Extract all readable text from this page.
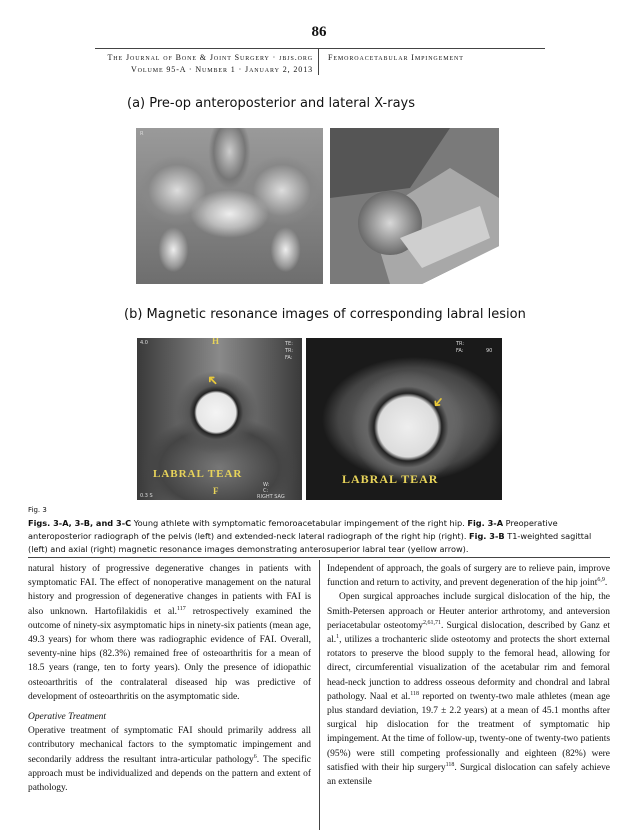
86
The Journal of Bone & Joint Surgery · jbjs.org
Volume 95-A · Number 1 · January 2, 2013
Femoroacetabular Impingement
(a) Pre-op anteroposterior and lateral X-rays
R
(b) Magnetic resonance images of corresponding labral lesion
4.0	H	TE:
TR:
FA:
➜
LABRAL TEAR
0.3 S	F
W:
C:
RIGHT SAG
TR:
FA:	90
➜
LABRAL TEAR
Fig. 3
Figs. 3-A, 3-B, and 3-C Young athlete with symptomatic femoroacetabular impingement of the right hip. Fig. 3-A Preoperative anteroposterior radiograph of the pelvis (left) and extended-neck lateral radiograph of the right hip (right). Fig. 3-B T1-weighted sagittal (left) and axial (right) magnetic resonance images demonstrating anterosuperior labral tear (yellow arrow).

natural history of progressive degenerative changes in patients with symptomatic FAI. The effect of nonoperative management on the natural history and progression of degenerative changes in patients with FAI is also unknown. Hartofilakidis et al.$^{117}$ retrospectively examined the outcome of ninety-six asymptomatic hips in ninety-six patients (mean age, 49.3 years) for whom there was radiographic evidence of FAI. Overall, seventy-nine hips (82.3%) remained free of osteoarthritis for a mean of 18.5 years (range, ten to forty years). Only the presence of idiopathic osteoarthritis of the contralateral diseased hip was predictive of development of osteoarthritis on the asymptomatic side.

Operative Treatment

Operative treatment of symptomatic FAI should primarily address all contributory mechanical factors to the symptomatic impingement and secondarily address the resultant intra-articular pathology$^6$. The specific approach must be individualized and depends on the pattern and extent of pathology.

Independent of approach, the goals of surgery are to relieve pain, improve function and return to activity, and prevent degeneration of the hip joint$^{6,9}$.

Open surgical approaches include surgical dislocation of the hip, the Smith-Petersen approach or Heuter anterior arthrotomy, and anteversion periacetabular osteotomy$^{2,61,71}$. Surgical dislocation, described by Ganz et al.$^1$, utilizes a trochanteric slide osteotomy and protects the short external rotators to preserve the blood supply to the femoral head, allowing for direct, circumferential visualization of the acetabular rim and femoral head-neck junction to address osseous deformity and chondral and labral pathology. Naal et al.$^{118}$ reported on twenty-two male athletes (mean age plus standard deviation, 19.7 ± 2.2 years) at a mean of 45.1 months after surgical hip dislocation for the treatment of symptomatic hip impingement. At the time of follow-up, twenty-one of twenty-two patients (95%) were still competing professionally and eighteen (82%) were satisfied with their hip surgery$^{118}$. Surgical dislocation can safely achieve an extensile
